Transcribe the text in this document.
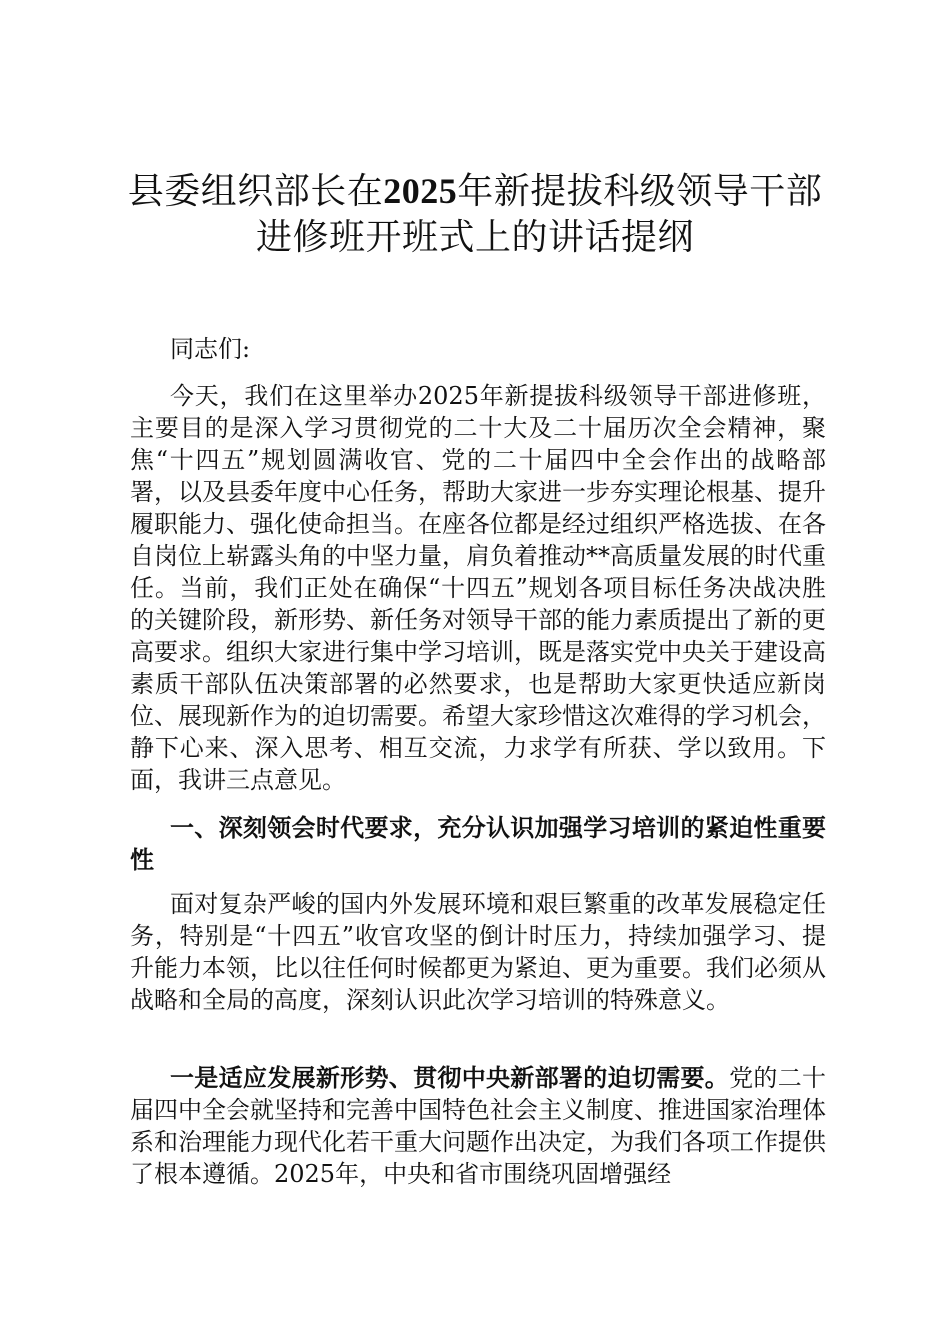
县委组织部长在2025年新提拔科级领导干部
进修班开班式上的讲话提纲

同志们:

今天，我们在这里举办2025年新提拔科级领导干部进修班，主要目的是深入学习贯彻党的二十大及二十届历次全会精神，聚焦“十四五”规划圆满收官、党的二十届四中全会作出的战略部署，以及县委年度中心任务，帮助大家进一步夯实理论根基、提升履职能力、强化使命担当。在座各位都是经过组织严格选拔、在各自岗位上崭露头角的中坚力量，肩负着推动**高质量发展的时代重任。当前，我们正处在确保“十四五”规划各项目标任务决战决胜的关键阶段，新形势、新任务对领导干部的能力素质提出了新的更高要求。组织大家进行集中学习培训，既是落实党中央关于建设高素质干部队伍决策部署的必然要求，也是帮助大家更快适应新岗位、展现新作为的迫切需要。希望大家珍惜这次难得的学习机会，静下心来、深入思考、相互交流，力求学有所获、学以致用。下面，我讲三点意见。

一、深刻领会时代要求，充分认识加强学习培训的紧迫性重要性

面对复杂严峻的国内外发展环境和艰巨繁重的改革发展稳定任务，特别是“十四五”收官攻坚的倒计时压力，持续加强学习、提升能力本领，比以往任何时候都更为紧迫、更为重要。我们必须从战略和全局的高度，深刻认识此次学习培训的特殊意义。

一是适应发展新形势、贯彻中央新部署的迫切需要。党的二十届四中全会就坚持和完善中国特色社会主义制度、推进国家治理体系和治理能力现代化若干重大问题作出决定，为我们各项工作提供了根本遵循。2025年，中央和省市围绕巩固增强经
